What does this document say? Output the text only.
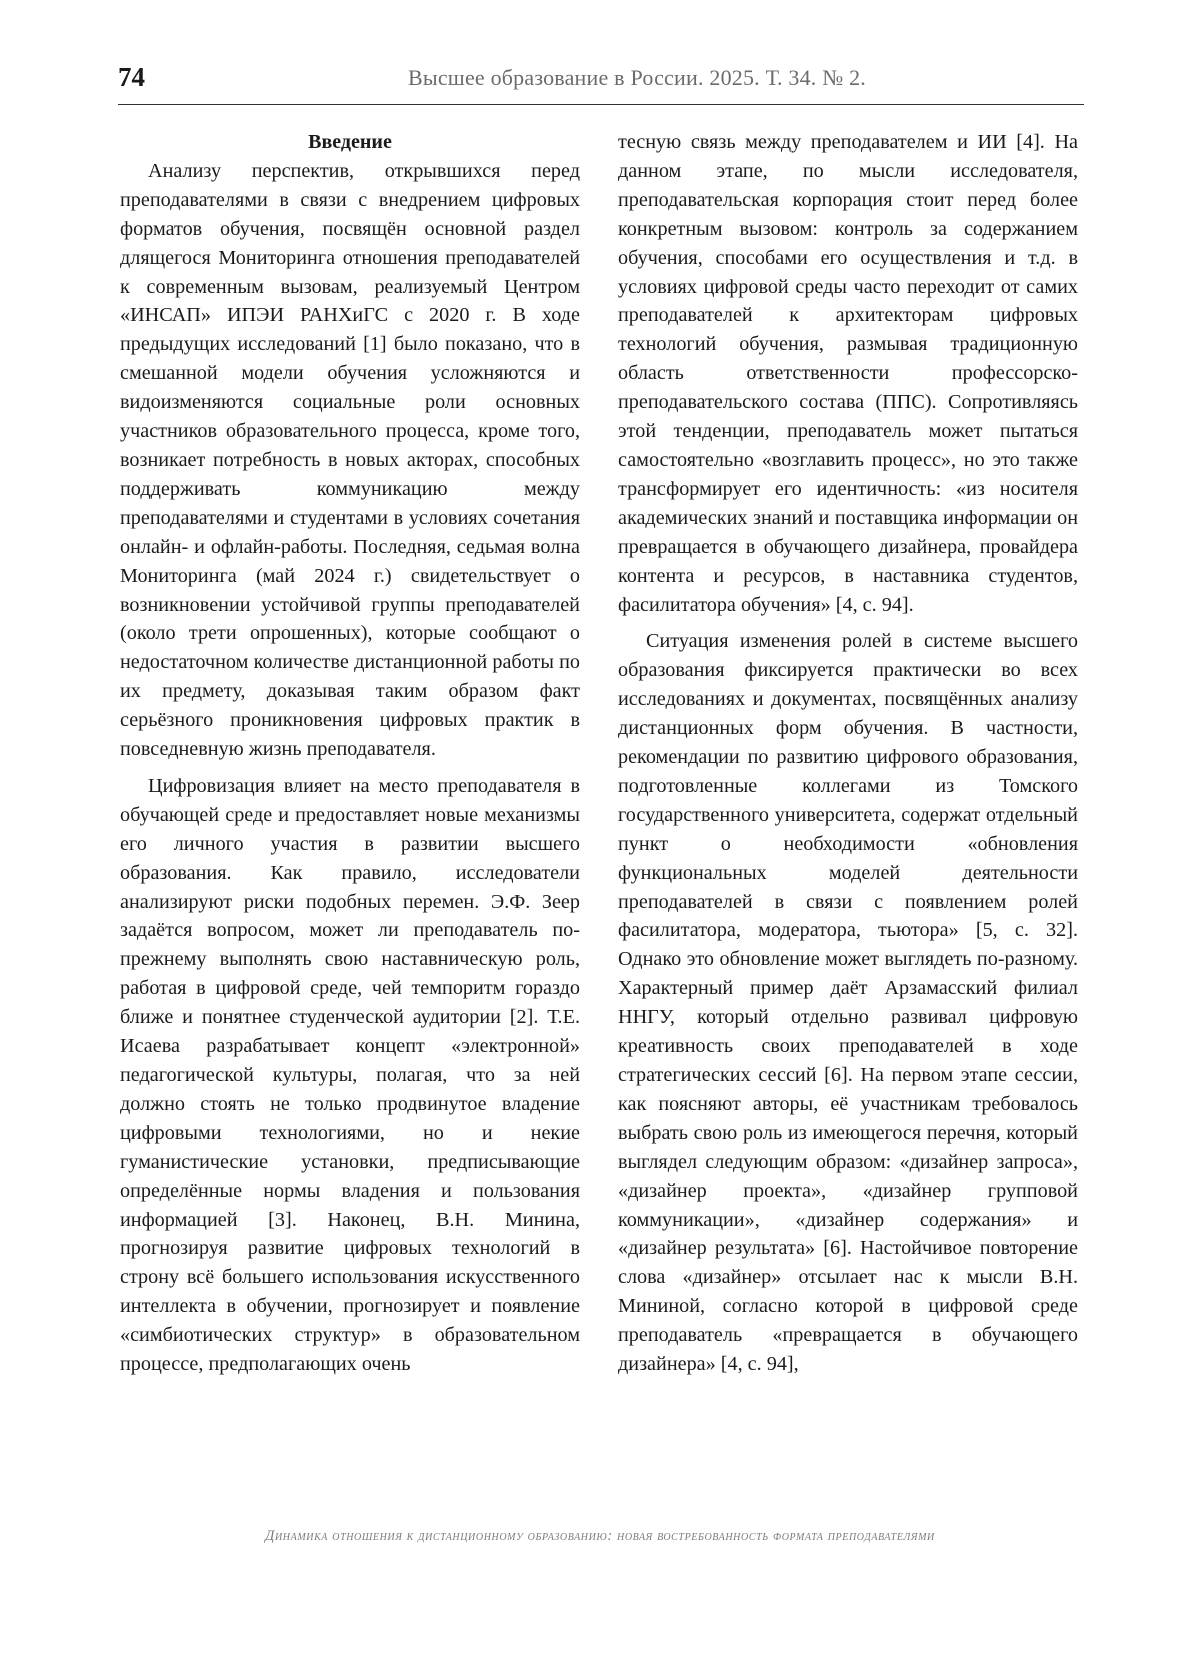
74	Высшее образование в России. 2025. Т. 34. № 2.

Введение

Анализу перспектив, открывшихся перед преподавателями в связи с внедрением цифровых форматов обучения, посвящён основной раздел длящегося Мониторинга отношения преподавателей к современным вызовам, реализуемый Центром «ИНСАП» ИПЭИ РАНХиГС с 2020 г. В ходе предыдущих исследований [1] было показано, что в смешанной модели обучения усложняются и видоизменяются социальные роли основных участников образовательного процесса, кроме того, возникает потребность в новых акторах, способных поддерживать коммуникацию между преподавателями и студентами в условиях сочетания онлайн- и офлайн-работы. Последняя, седьмая волна Мониторинга (май 2024 г.) свидетельствует о возникновении устойчивой группы преподавателей (около трети опрошенных), которые сообщают о недостаточном количестве дистанционной работы по их предмету, доказывая таким образом факт серьёзного проникновения цифровых практик в повседневную жизнь преподавателя.

Цифровизация влияет на место преподавателя в обучающей среде и предоставляет новые механизмы его личного участия в развитии высшего образования. Как правило, исследователи анализируют риски подобных перемен. Э.Ф. Зеер задаётся вопросом, может ли преподаватель по-прежнему выполнять свою наставническую роль, работая в цифровой среде, чей темпоритм гораздо ближе и понятнее студенческой аудитории [2]. Т.Е. Исаева разрабатывает концепт «электронной» педагогической культуры, полагая, что за ней должно стоять не только продвинутое владение цифровыми технологиями, но и некие гуманистические установки, предписывающие определённые нормы владения и пользования информацией [3]. Наконец, В.Н. Минина, прогнозируя развитие цифровых технологий в строну всё большего использования искусственного интеллекта в обучении, прогнозирует и появление «симбиотических структур» в образовательном процессе, предполагающих очень

тесную связь между преподавателем и ИИ [4]. На данном этапе, по мысли исследователя, преподавательская корпорация стоит перед более конкретным вызовом: контроль за содержанием обучения, способами его осуществления и т.д. в условиях цифровой среды часто переходит от самих преподавателей к архитекторам цифровых технологий обучения, размывая традиционную область ответственности профессорско-преподавательского состава (ППС). Сопротивляясь этой тенденции, преподаватель может пытаться самостоятельно «возглавить процесс», но это также трансформирует его идентичность: «из носителя академических знаний и поставщика информации он превращается в обучающего дизайнера, провайдера контента и ресурсов, в наставника студентов, фасилитатора обучения» [4, с. 94].

Ситуация изменения ролей в системе высшего образования фиксируется практически во всех исследованиях и документах, посвящённых анализу дистанционных форм обучения. В частности, рекомендации по развитию цифрового образования, подготовленные коллегами из Томского государственного университета, содержат отдельный пункт о необходимости «обновления функциональных моделей деятельности преподавателей в связи с появлением ролей фасилитатора, модератора, тьютора» [5, с. 32]. Однако это обновление может выглядеть по-разному. Характерный пример даёт Арзамасский филиал ННГУ, который отдельно развивал цифровую креативность своих преподавателей в ходе стратегических сессий [6]. На первом этапе сессии, как поясняют авторы, её участникам требовалось выбрать свою роль из имеющегося перечня, который выглядел следующим образом: «дизайнер запроса», «дизайнер проекта», «дизайнер групповой коммуникации», «дизайнер содержания» и «дизайнер результата» [6]. Настойчивое повторение слова «дизайнер» отсылает нас к мысли В.Н. Мининой, согласно которой в цифровой среде преподаватель «превращается в обучающего дизайнера» [4, с. 94],

Динамика отношения к дистанционному образованию: новая востребованность формата преподавателями
